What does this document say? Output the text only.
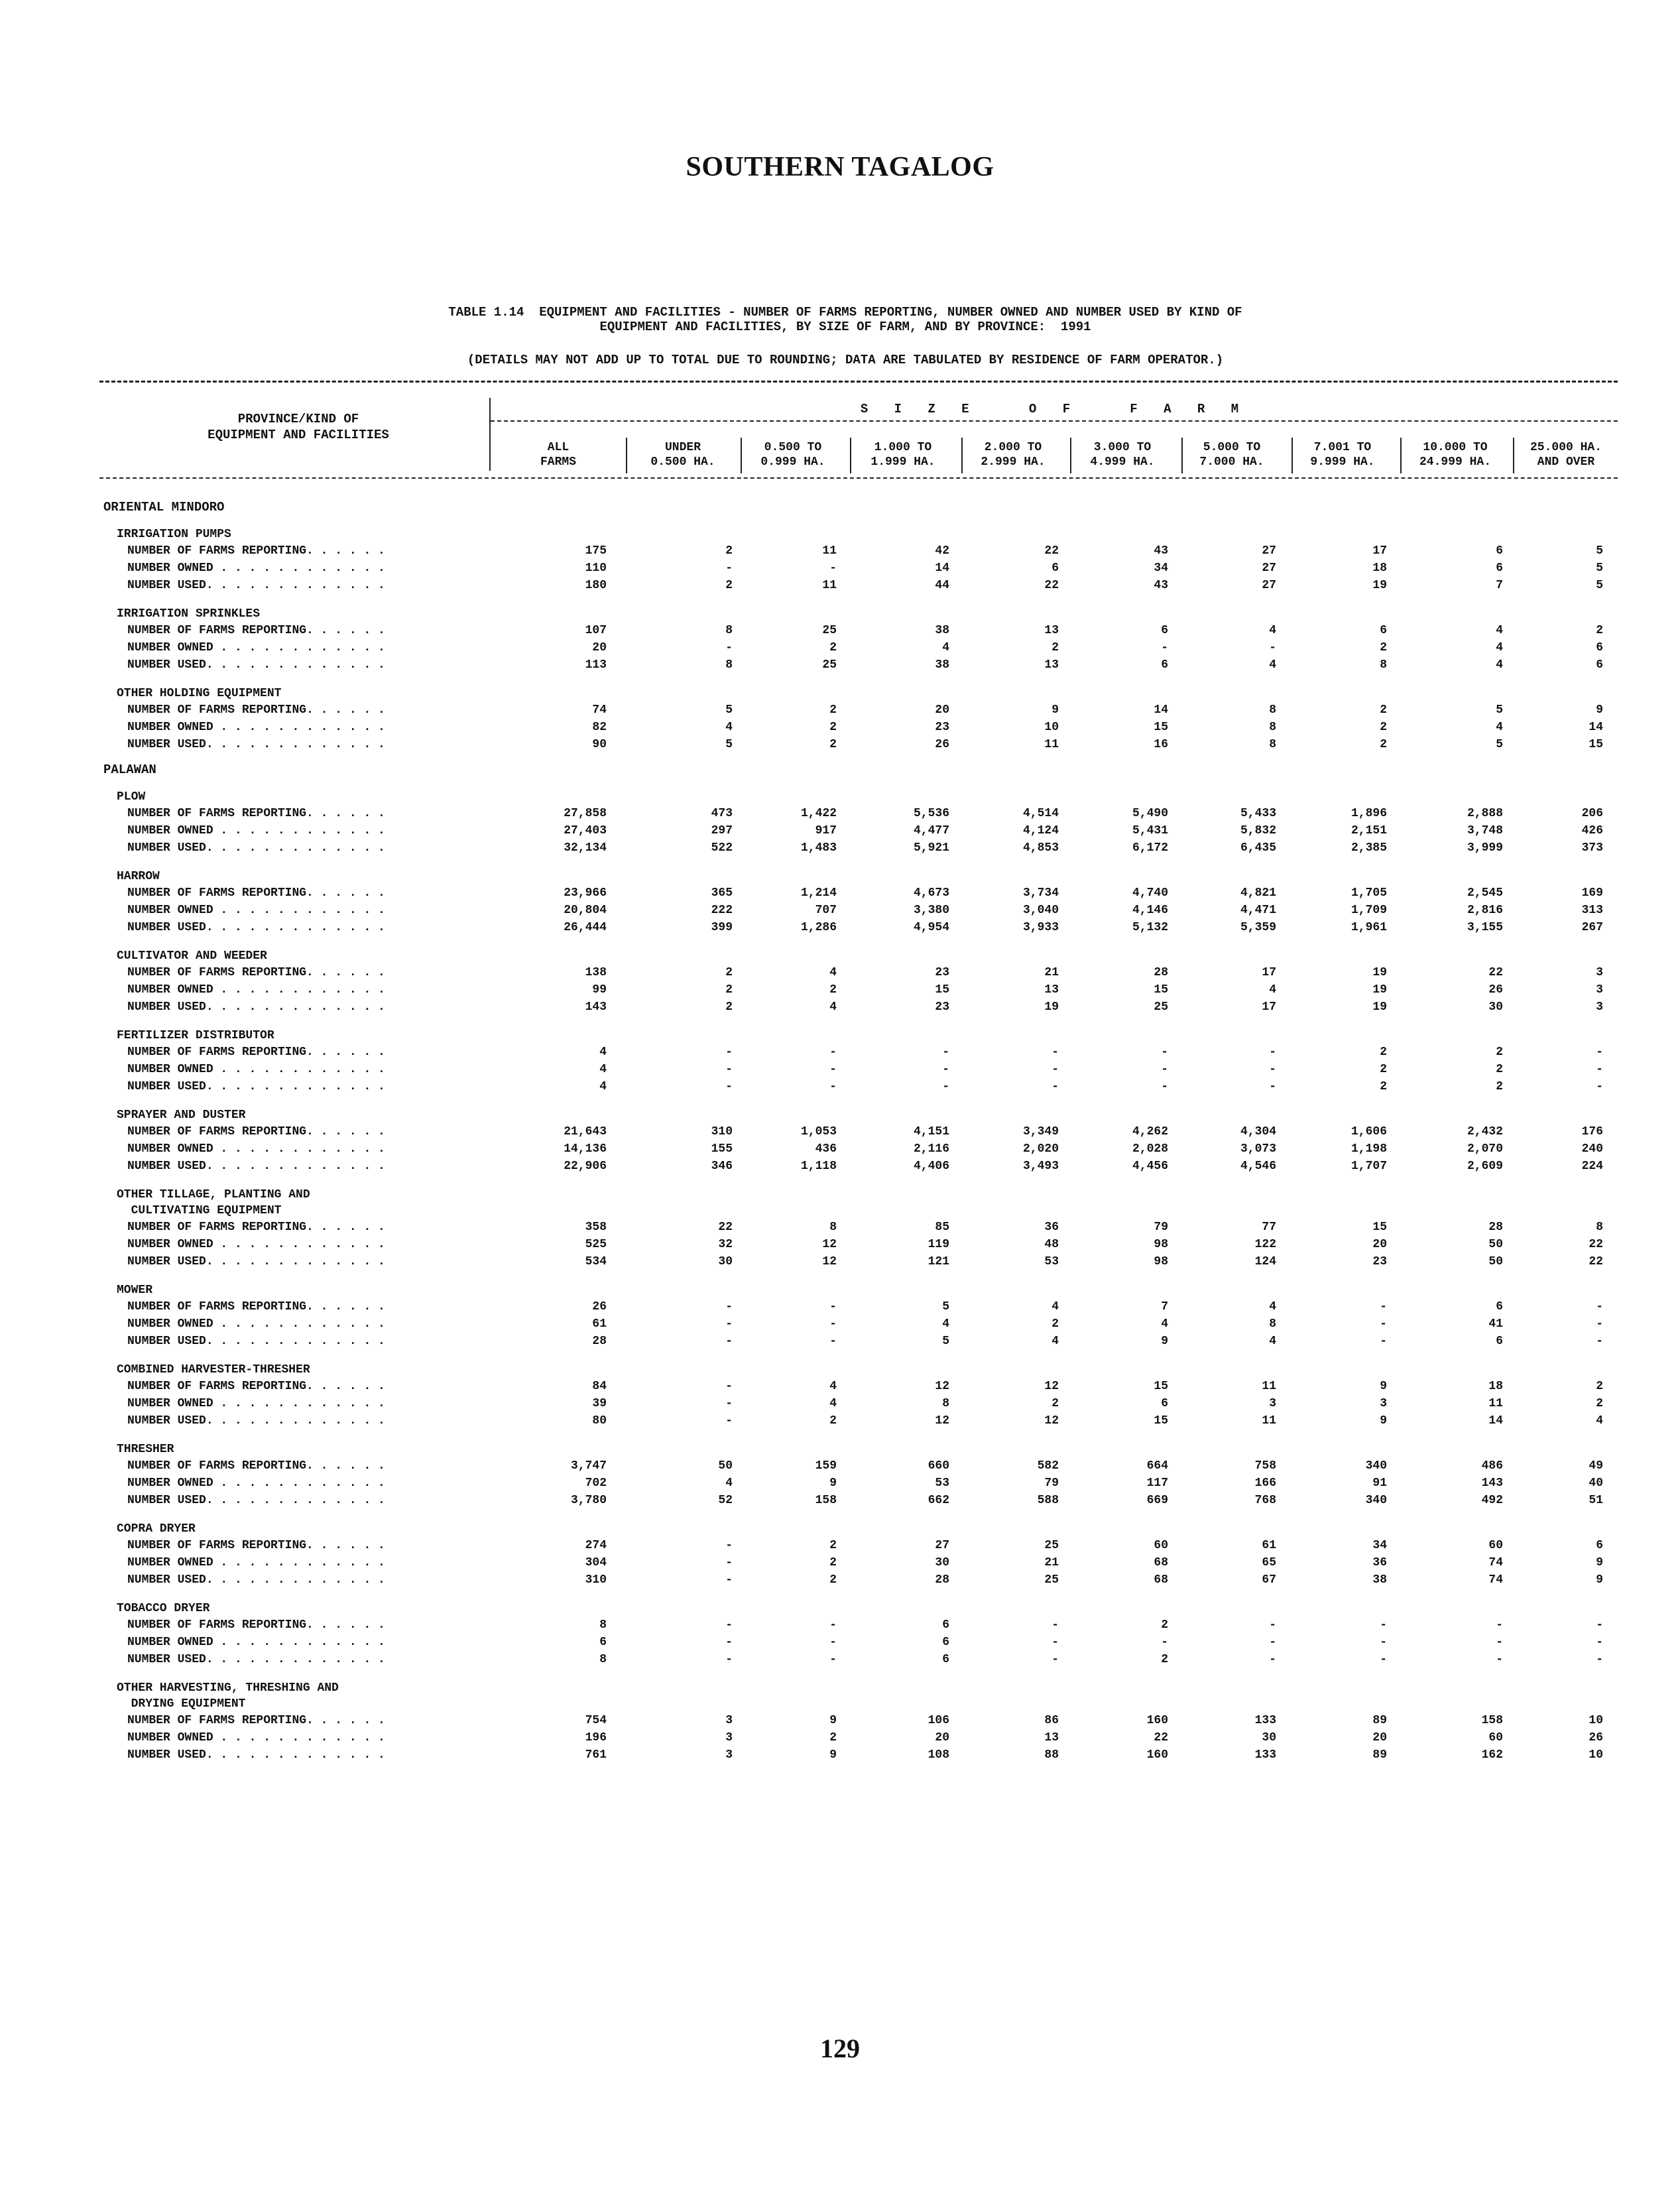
SOUTHERN TAGALOG
TABLE 1.14  EQUIPMENT AND FACILITIES - NUMBER OF FARMS REPORTING, NUMBER OWNED AND NUMBER USED BY KIND OF
EQUIPMENT AND FACILITIES, BY SIZE OF FARM, AND BY PROVINCE:  1991
(DETAILS MAY NOT ADD UP TO TOTAL DUE TO ROUNDING; DATA ARE TABULATED BY RESIDENCE OF FARM OPERATOR.)
PROVINCE/KIND OF
EQUIPMENT AND FACILITIES
S I Z E   O F   F A R M
ALL
FARMS
UNDER
0.500 HA.
0.500 TO
0.999 HA.
1.000 TO
1.999 HA.
2.000 TO
2.999 HA.
3.000 TO
4.999 HA.
5.000 TO
7.000 HA.
7.001 TO
9.999 HA.
10.000 TO
24.999 HA.
25.000 HA.
AND OVER
ORIENTAL MINDORO
IRRIGATION PUMPS
NUMBER OF FARMS REPORTING. . . . . .	175	2	11	42	22	43	27	17	6	5
NUMBER OWNED . . . . . . . . . . . .	110	-	-	14	6	34	27	18	6	5
NUMBER USED. . . . . . . . . . . . .	180	2	11	44	22	43	27	19	7	5
IRRIGATION SPRINKLES
NUMBER OF FARMS REPORTING. . . . . .	107	8	25	38	13	6	4	6	4	2
NUMBER OWNED . . . . . . . . . . . .	20	-	2	4	2	-	-	2	4	6
NUMBER USED. . . . . . . . . . . . .	113	8	25	38	13	6	4	8	4	6
OTHER HOLDING EQUIPMENT
NUMBER OF FARMS REPORTING. . . . . .	74	5	2	20	9	14	8	2	5	9
NUMBER OWNED . . . . . . . . . . . .	82	4	2	23	10	15	8	2	4	14
NUMBER USED. . . . . . . . . . . . .	90	5	2	26	11	16	8	2	5	15
PALAWAN
PLOW
NUMBER OF FARMS REPORTING. . . . . .	27,858	473	1,422	5,536	4,514	5,490	5,433	1,896	2,888	206
NUMBER OWNED . . . . . . . . . . . .	27,403	297	917	4,477	4,124	5,431	5,832	2,151	3,748	426
NUMBER USED. . . . . . . . . . . . .	32,134	522	1,483	5,921	4,853	6,172	6,435	2,385	3,999	373
HARROW
NUMBER OF FARMS REPORTING. . . . . .	23,966	365	1,214	4,673	3,734	4,740	4,821	1,705	2,545	169
NUMBER OWNED . . . . . . . . . . . .	20,804	222	707	3,380	3,040	4,146	4,471	1,709	2,816	313
NUMBER USED. . . . . . . . . . . . .	26,444	399	1,286	4,954	3,933	5,132	5,359	1,961	3,155	267
CULTIVATOR AND WEEDER
NUMBER OF FARMS REPORTING. . . . . .	138	2	4	23	21	28	17	19	22	3
NUMBER OWNED . . . . . . . . . . . .	99	2	2	15	13	15	4	19	26	3
NUMBER USED. . . . . . . . . . . . .	143	2	4	23	19	25	17	19	30	3
FERTILIZER DISTRIBUTOR
NUMBER OF FARMS REPORTING. . . . . .	4	-	-	-	-	-	-	2	2	-
NUMBER OWNED . . . . . . . . . . . .	4	-	-	-	-	-	-	2	2	-
NUMBER USED. . . . . . . . . . . . .	4	-	-	-	-	-	-	2	2	-
SPRAYER AND DUSTER
NUMBER OF FARMS REPORTING. . . . . .	21,643	310	1,053	4,151	3,349	4,262	4,304	1,606	2,432	176
NUMBER OWNED . . . . . . . . . . . .	14,136	155	436	2,116	2,020	2,028	3,073	1,198	2,070	240
NUMBER USED. . . . . . . . . . . . .	22,906	346	1,118	4,406	3,493	4,456	4,546	1,707	2,609	224
OTHER TILLAGE, PLANTING AND
CULTIVATING EQUIPMENT
NUMBER OF FARMS REPORTING. . . . . .	358	22	8	85	36	79	77	15	28	8
NUMBER OWNED . . . . . . . . . . . .	525	32	12	119	48	98	122	20	50	22
NUMBER USED. . . . . . . . . . . . .	534	30	12	121	53	98	124	23	50	22
MOWER
NUMBER OF FARMS REPORTING. . . . . .	26	-	-	5	4	7	4	-	6	-
NUMBER OWNED . . . . . . . . . . . .	61	-	-	4	2	4	8	-	41	-
NUMBER USED. . . . . . . . . . . . .	28	-	-	5	4	9	4	-	6	-
COMBINED HARVESTER-THRESHER
NUMBER OF FARMS REPORTING. . . . . .	84	-	4	12	12	15	11	9	18	2
NUMBER OWNED . . . . . . . . . . . .	39	-	4	8	2	6	3	3	11	2
NUMBER USED. . . . . . . . . . . . .	80	-	2	12	12	15	11	9	14	4
THRESHER
NUMBER OF FARMS REPORTING. . . . . .	3,747	50	159	660	582	664	758	340	486	49
NUMBER OWNED . . . . . . . . . . . .	702	4	9	53	79	117	166	91	143	40
NUMBER USED. . . . . . . . . . . . .	3,780	52	158	662	588	669	768	340	492	51
COPRA DRYER
NUMBER OF FARMS REPORTING. . . . . .	274	-	2	27	25	60	61	34	60	6
NUMBER OWNED . . . . . . . . . . . .	304	-	2	30	21	68	65	36	74	9
NUMBER USED. . . . . . . . . . . . .	310	-	2	28	25	68	67	38	74	9
TOBACCO DRYER
NUMBER OF FARMS REPORTING. . . . . .	8	-	-	6	-	2	-	-	-	-
NUMBER OWNED . . . . . . . . . . . .	6	-	-	6	-	-	-	-	-	-
NUMBER USED. . . . . . . . . . . . .	8	-	-	6	-	2	-	-	-	-
OTHER HARVESTING, THRESHING AND
DRYING EQUIPMENT
NUMBER OF FARMS REPORTING. . . . . .	754	3	9	106	86	160	133	89	158	10
NUMBER OWNED . . . . . . . . . . . .	196	3	2	20	13	22	30	20	60	26
NUMBER USED. . . . . . . . . . . . .	761	3	9	108	88	160	133	89	162	10
129
